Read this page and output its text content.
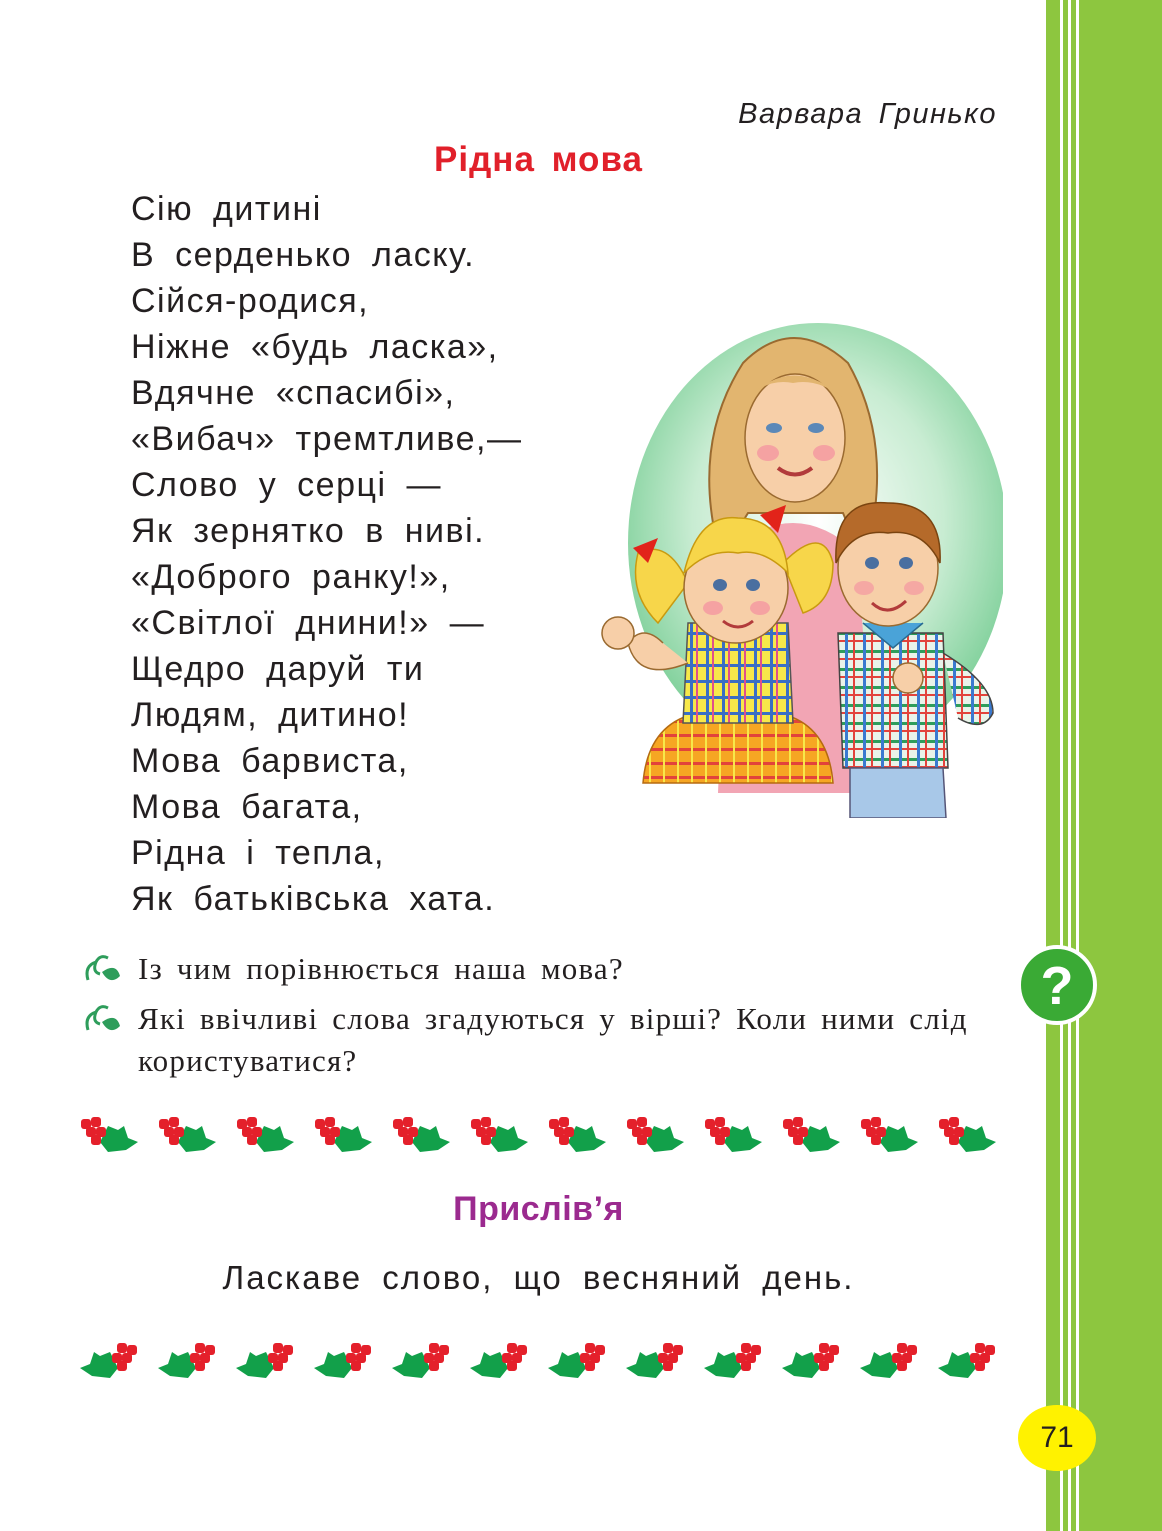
Варвара Гринько
Рідна мова
Сію дитині
В серденько ласку.
Сійся-родися,
Ніжне «будь ласка»,
Вдячне «спасибі»,
«Вибач» тремтливе,—
Слово у серці —
Як зернятко в ниві.
«Доброго ранку!»,
«Світлої днини!» —
Щедро даруй ти
Людям, дитино!
Мова барвиста,
Мова багата,
Рідна і тепла,
Як батьківська хата.
Із чим порівнюється наша мова?
Які ввічливі слова згадуються у вірші? Коли ними слід користуватися?
?
Прислів’я
Ласкаве слово, що весняний день.
71
